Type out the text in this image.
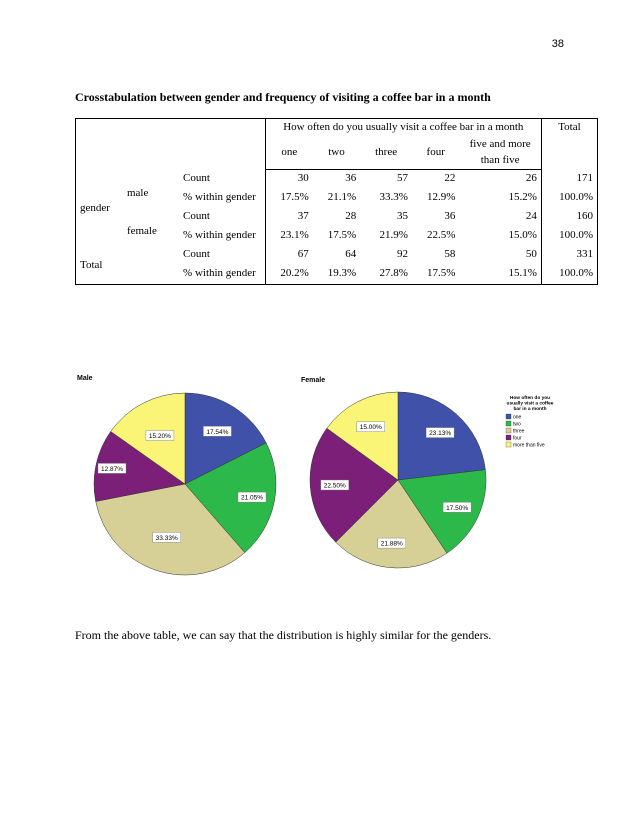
38
Crosstabulation between gender and frequency of visiting a coffee bar in a month
			How often do you usually visit a coffee bar in a month					Total
			one	two	three	four	five and more than five	
gender	male	Count	30	36	57	22	26	171
		% within gender	17.5%	21.1%	33.3%	12.9%	15.2%	100.0%
	female	Count	37	28	35	36	24	160
		% within gender	23.1%	17.5%	21.9%	22.5%	15.0%	100.0%
Total		Count	67	64	92	58	50	331
		% within gender	20.2%	19.3%	27.8%	17.5%	15.1%	100.0%
Male
17.54%
21.05%
33.33%
12.87%
15.20%
Female
23.13%
17.50%
21.88%
22.50%
15.00%
How often do you
usually visit a coffee
bar in a month
one
two
three
four
more than five
From the above table, we can say that the distribution is highly similar for the genders.
